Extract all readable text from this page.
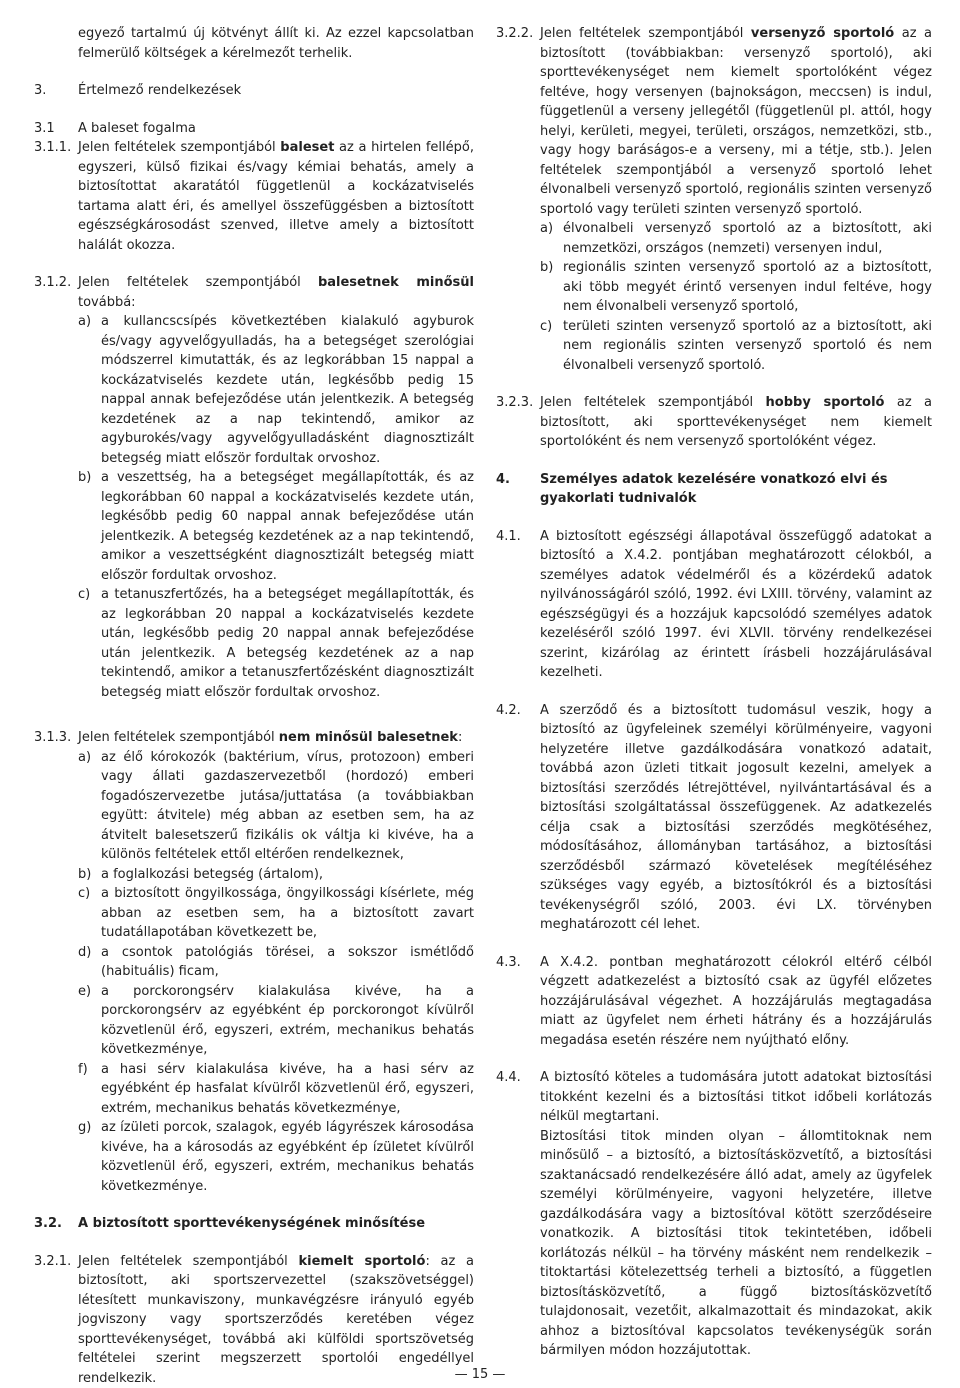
egyező tartalmú új kötvényt állít ki. Az ezzel kapcsolatban felmerülő költségek a kérelmezőt terhelik.

3. Értelmező rendelkezések

3.1 A baleset fogalma

3.1.1. Jelen feltételek szempontjából baleset az a hirtelen fellépő, egyszeri, külső fizikai és/vagy kémiai behatás, amely a biztosítottat akaratától függetlenül a kockázatviselés tartama alatt éri, és amellyel összefüggésben a biztosított egészségkárosodást szenved, illetve amely a biztosított halálát okozza.

3.1.2. Jelen feltételek szempontjából balesetnek minősül továbbá:

a) a kullancscsípés következtében kialakuló agyburok és/vagy agyvelőgyulladás, ha a betegséget szerológiai módszerrel kimutatták, és az legkorábban 15 nappal a kockázatviselés kezdete után, legkésőbb pedig 15 nappal annak befejeződése után jelentkezik. A betegség kezdetének az a nap tekintendő, amikor az agyburokés/vagy agyvelőgyulladásként diagnosztizált betegség miatt először fordultak orvoshoz.
b) a veszettség, ha a betegséget megállapították, és az legkorábban 60 nappal a kockázatviselés kezdete után, legkésőbb pedig 60 nappal annak befejeződése után jelentkezik. A betegség kezdetének az a nap tekintendő, amikor a veszettségként diagnosztizált betegség miatt először fordultak orvoshoz.
c) a tetanuszfertőzés, ha a betegséget megállapították, és az legkorábban 20 nappal a kockázatviselés kezdete után, legkésőbb pedig 20 nappal annak befejeződése után jelentkezik. A betegség kezdetének az a nap tekintendő, amikor a tetanuszfertőzésként diagnosztizált betegség miatt először fordultak orvoshoz.

3.1.3. Jelen feltételek szempontjából nem minősül balesetnek:

a) az élő kórokozók (baktérium, vírus, protozoon) emberi vagy állati gazdaszervezetből (hordozó) emberi fogadószervezetbe jutása/juttatása (a továbbiakban együtt: átvitele) még abban az esetben sem, ha az átvitelt balesetszerű fizikális ok váltja ki kivéve, ha a különös feltételek ettől eltérően rendelkeznek,
b) a foglalkozási betegség (ártalom),
c) a biztosított öngyilkossága, öngyilkossági kísérlete, még abban az esetben sem, ha a biztosított zavart tudatállapotában következett be,
d) a csontok patológiás törései, a sokszor ismétlődő (habituális) ficam,
e) a porckorongsérv kialakulása kivéve, ha a porckorongsérv az egyébként ép porckorongot kívülről közvetlenül érő, egyszeri, extrém, mechanikus behatás következménye,
f) a hasi sérv kialakulása kivéve, ha a hasi sérv az egyébként ép hasfalat kívülről közvetlenül érő, egyszeri, extrém, mechanikus behatás következménye,
g) az ízületi porcok, szalagok, egyéb lágyrészek károsodása kivéve, ha a károsodás az egyébként ép ízületet kívülről közvetlenül érő, egyszeri, extrém, mechanikus behatás következménye.

3.2. A biztosított sporttevékenységének minősítése

3.2.1. Jelen feltételek szempontjából kiemelt sportoló: az a biztosított, aki sportszervezettel (szakszövetséggel) létesített munkaviszony, munkavégzésre irányuló egyéb jogviszony vagy sportszerződés keretében végez sporttevékenységet, továbbá aki külföldi sportszövetség feltételei szerint megszerzett sportolói engedéllyel rendelkezik.

3.2.2. Jelen feltételek szempontjából versenyző sportoló az a biztosított (továbbiakban: versenyző sportoló), aki sporttevékenységet nem kiemelt sportolóként végez feltéve, hogy versenyen (bajnokságon, meccsen) is indul, függetlenül a verseny jellegétől (függetlenül pl. attól, hogy helyi, kerületi, megyei, területi, országos, nemzetközi, stb., vagy hogy baráságos-e a verseny, mi a tétje, stb.). Jelen feltételek szempontjából a versenyző sportoló lehet élvonalbeli versenyző sportoló, regionális szinten versenyző sportoló vagy területi szinten versenyző sportoló.

a) élvonalbeli versenyző sportoló az a biztosított, aki nemzetközi, országos (nemzeti) versenyen indul,
b) regionális szinten versenyző sportoló az a biztosított, aki több megyét érintő versenyen indul feltéve, hogy nem élvonalbeli versenyző sportoló,
c) területi szinten versenyző sportoló az a biztosított, aki nem regionális szinten versenyző sportoló és nem élvonalbeli versenyző sportoló.

3.2.3. Jelen feltételek szempontjából hobby sportoló az a biztosított, aki sporttevékenységet nem kiemelt sportolóként és nem versenyző sportolóként végez.

4. Személyes adatok kezelésére vonatkozó elvi és gyakorlati tudnivalók

4.1. A biztosított egészségi állapotával összefüggő adatokat a biztosító a X.4.2. pontjában meghatározott célokból, a személyes adatok védelméről és a közérdekű adatok nyilvánosságáról szóló, 1992. évi LXIII. törvény, valamint az egészségügyi és a hozzájuk kapcsolódó személyes adatok kezeléséről szóló 1997. évi XLVII. törvény rendelkezései szerint, kizárólag az érintett írásbeli hozzájárulásával kezelheti.

4.2. A szerződő és a biztosított tudomásul veszik, hogy a biztosító az ügyfeleinek személyi körülményeire, vagyoni helyzetére illetve gazdálkodására vonatkozó adatait, továbbá azon üzleti titkait jogosult kezelni, amelyek a biztosítási szerződés létrejöttével, nyilvántartásával és a biztosítási szolgáltatással összefüggenek. Az adatkezelés célja csak a biztosítási szerződés megkötéséhez, módosításához, állományban tartásához, a biztosítási szerződésből származó követelések megítéléséhez szükséges vagy egyéb, a biztosítókról és a biztosítási tevékenységről szóló, 2003. évi LX. törvényben meghatározott cél lehet.

4.3. A X.4.2. pontban meghatározott célokról eltérő célból végzett adatkezelést a biztosító csak az ügyfél előzetes hozzájárulásával végezhet. A hozzájárulás megtagadása miatt az ügyfelet nem érheti hátrány és a hozzájárulás megadása esetén részére nem nyújtható előny.

4.4. A biztosító köteles a tudomására jutott adatokat biztosítási titokként kezelni és a biztosítási titkot időbeli korlátozás nélkül megtartani.

Biztosítási titok minden olyan – állomtitoknak nem minősülő – a biztosító, a biztosításközvetítő, a biztosítási szaktanácsadó rendelkezésére álló adat, amely az ügyfelek személyi körülményeire, vagyoni helyzetére, illetve gazdálkodására vagy a biztosítóval kötött szerződéseire vonatkozik. A biztosítási titok tekintetében, időbeli korlátozás nélkül – ha törvény másként nem rendelkezik – titoktartási kötelezettség terheli a biztosító, a független biztosításközvetítő, a függő biztosításközvetítő tulajdonosait, vezetőit, alkalmazottait és mindazokat, akik ahhoz a biztosítóval kapcsolatos tevékenységük során bármilyen módon hozzájutottak.

— 15 —
